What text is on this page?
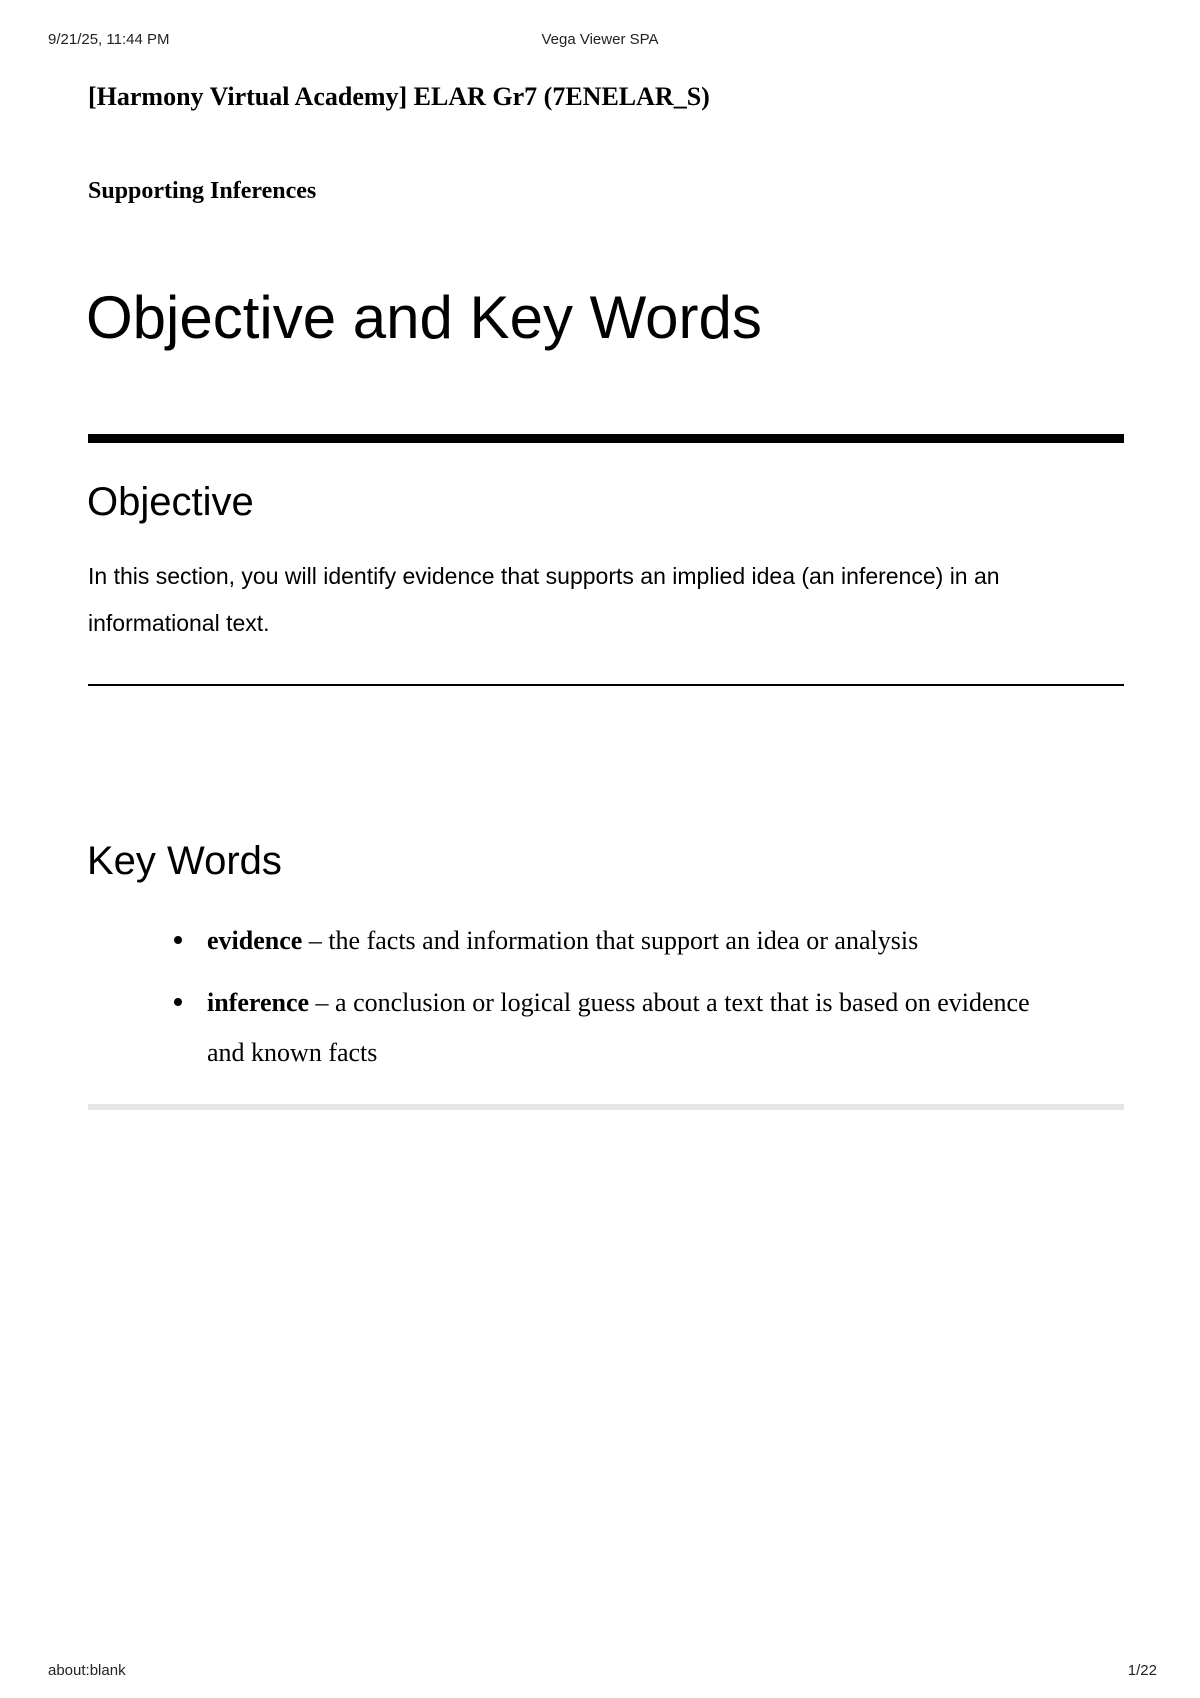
9/21/25, 11:44 PM	Vega Viewer SPA
[Harmony Virtual Academy] ELAR Gr7 (7ENELAR_S)
Supporting Inferences
Objective and Key Words
Objective

In this section, you will identify evidence that supports an implied idea (an inference) in an informational text.

Key Words
evidence – the facts and information that support an idea or analysis
inference – a conclusion or logical guess about a text that is based on evidence and known facts
about:blank	1/22
